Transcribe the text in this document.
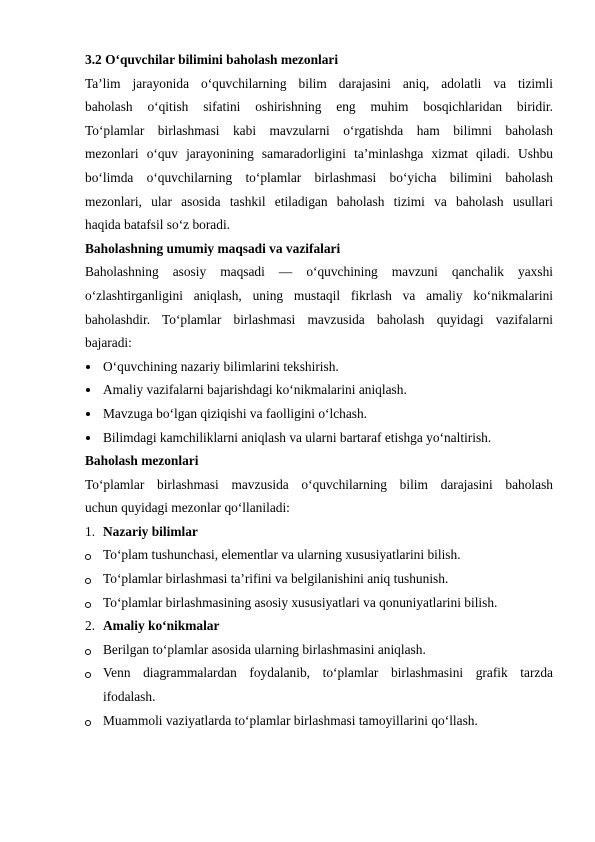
3.2 O‘quvchilar bilimini baholash mezonlari
Ta’lim jarayonida o‘quvchilarning bilim darajasini aniq, adolatli va tizimli
baholash o‘qitish sifatini oshirishning eng muhim bosqichlaridan biridir.
To‘plamlar birlashmasi kabi mavzularni o‘rgatishda ham bilimni baholash
mezonlari o‘quv jarayonining samaradorligini ta’minlashga xizmat qiladi. Ushbu
bo‘limda o‘quvchilarning to‘plamlar birlashmasi bo‘yicha bilimini baholash
mezonlari, ular asosida tashkil etiladigan baholash tizimi va baholash usullari
haqida batafsil so‘z boradi.
Baholashning umumiy maqsadi va vazifalari
Baholashning asosiy maqsadi — o‘quvchining mavzuni qanchalik yaxshi
o‘zlashtirganligini aniqlash, uning mustaqil fikrlash va amaliy ko‘nikmalarini
baholashdir. To‘plamlar birlashmasi mavzusida baholash quyidagi vazifalarni
bajaradi:
O‘quvchining nazariy bilimlarini tekshirish.
Amaliy vazifalarni bajarishdagi ko‘nikmalarini aniqlash.
Mavzuga bo‘lgan qiziqishi va faolligini o‘lchash.
Bilimdagi kamchiliklarni aniqlash va ularni bartaraf etishga yo‘naltirish.
Baholash mezonlari
To‘plamlar birlashmasi mavzusida o‘quvchilarning bilim darajasini baholash
uchun quyidagi mezonlar qo‘llaniladi:
1. Nazariy bilimlar
To‘plam tushunchasi, elementlar va ularning xususiyatlarini bilish.
To‘plamlar birlashmasi ta’rifini va belgilanishini aniq tushunish.
To‘plamlar birlashmasining asosiy xususiyatlari va qonuniyatlarini bilish.
2. Amaliy ko‘nikmalar
Berilgan to‘plamlar asosida ularning birlashmasini aniqlash.
Venn diagrammalardan foydalanib, to‘plamlar birlashmasini grafik tarzda
ifodalash.
Muammoli vaziyatlarda to‘plamlar birlashmasi tamoyillarini qo‘llash.
